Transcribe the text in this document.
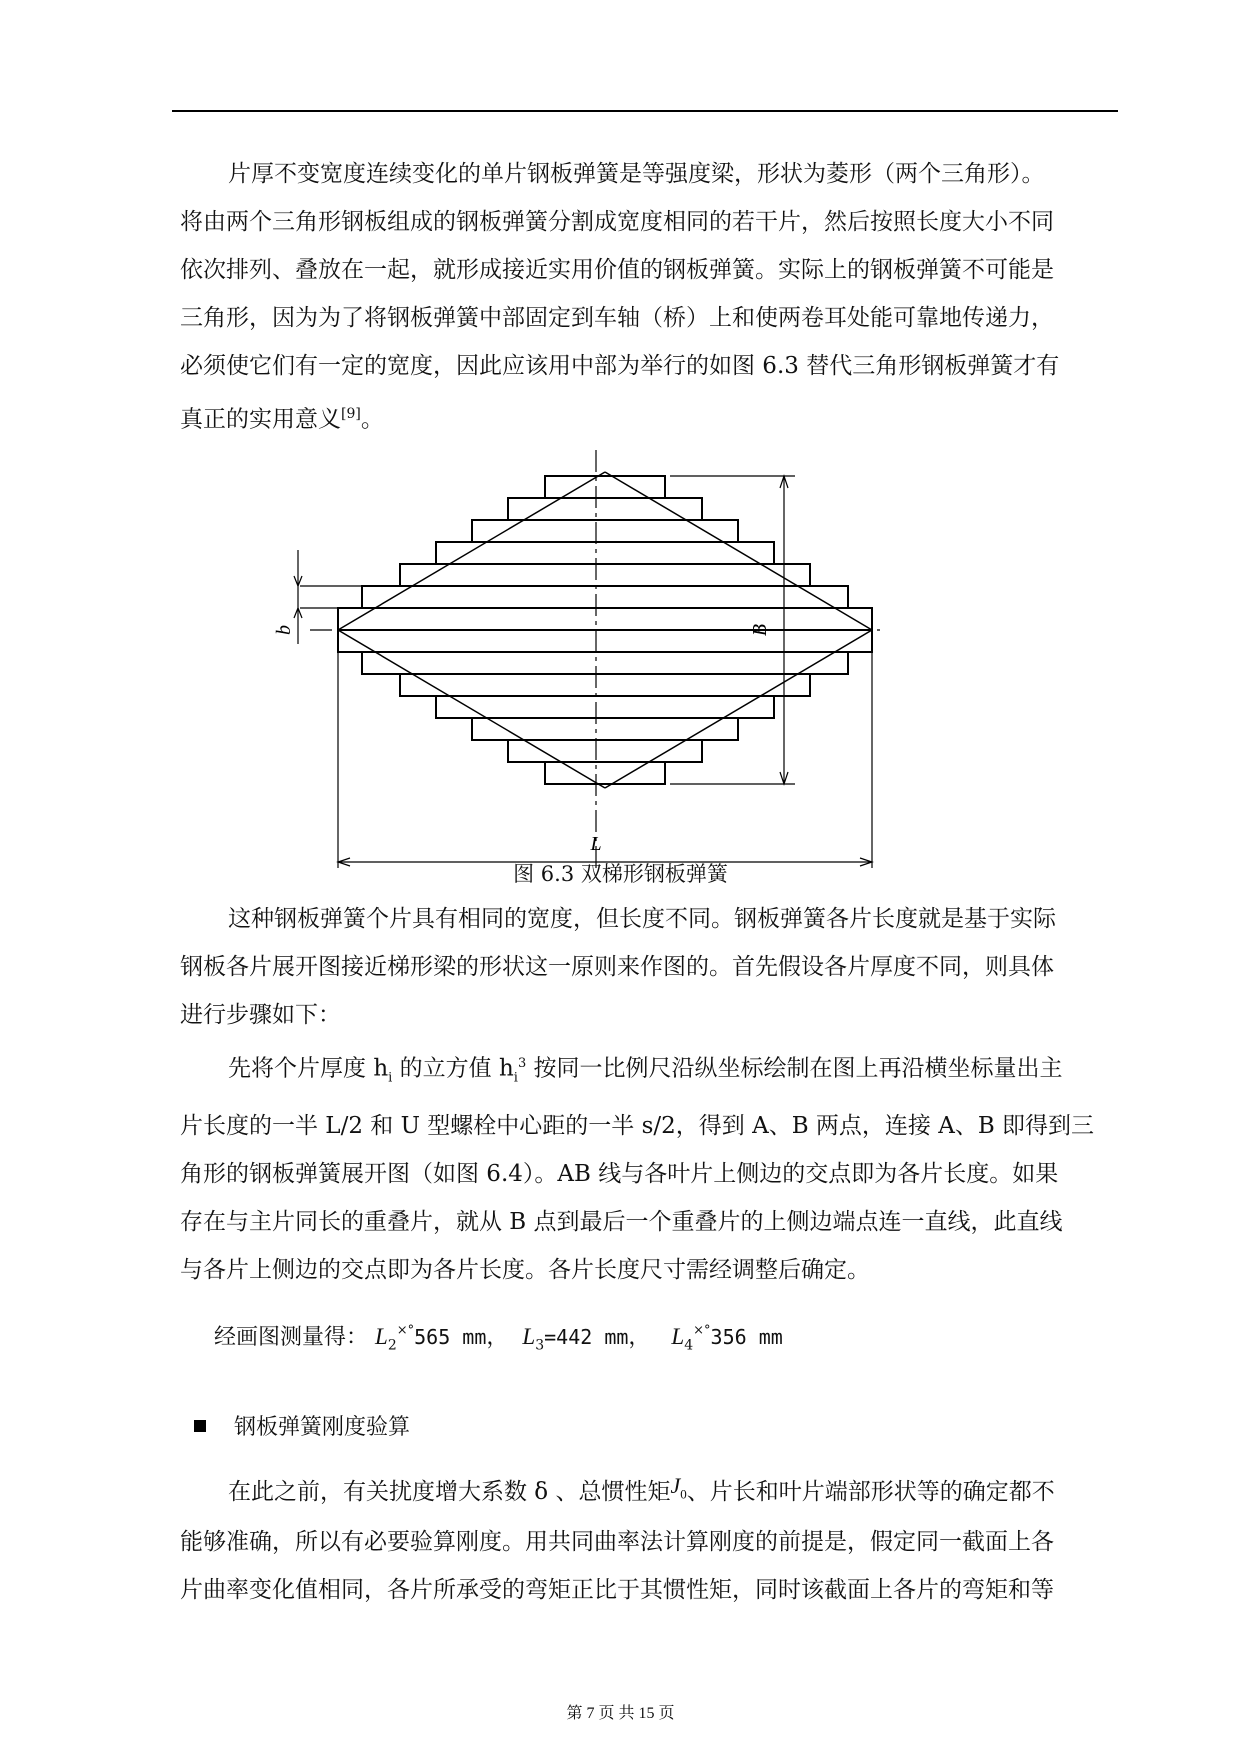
片厚不变宽度连续变化的单片钢板弹簧是等强度梁，形状为菱形（两个三角形）。
将由两个三角形钢板组成的钢板弹簧分割成宽度相同的若干片，然后按照长度大小不同
依次排列、叠放在一起，就形成接近实用价值的钢板弹簧。实际上的钢板弹簧不可能是
三角形，因为为了将钢板弹簧中部固定到车轴（桥）上和使两卷耳处能可靠地传递力，
必须使它们有一定的宽度，因此应该用中部为举行的如图 6.3 替代三角形钢板弹簧才有
真正的实用意义[9]。

b	B
L
图 6.3 双梯形钢板弹簧

这种钢板弹簧个片具有相同的宽度，但长度不同。钢板弹簧各片长度就是基于实际
钢板各片展开图接近梯形梁的形状这一原则来作图的。首先假设各片厚度不同，则具体
进行步骤如下：

先将个片厚度 $h_i$ 的立方值 $h_i^3$ 按同一比例尺沿纵坐标绘制在图上再沿横坐标量出主
片长度的一半 L/2 和 U 型螺栓中心距的一半 s/2，得到 A、B 两点，连接 A、B 即得到三
角形的钢板弹簧展开图（如图 6.4）。AB 线与各叶片上侧边的交点即为各片长度。如果
存在与主片同长的重叠片，就从 B 点到最后一个重叠片的上侧边端点连一直线，此直线
与各片上侧边的交点即为各片长度。各片长度尺寸需经调整后确定。

经画图测量得： $L_2^{\times^\circ}565$ mm， $L_3=442$ mm， $L_4^{\times^\circ}356$ mm
钢板弹簧刚度验算

在此之前，有关扰度增大系数 δ 、总惯性矩$J_0$、片长和叶片端部形状等的确定都不
能够准确，所以有必要验算刚度。用共同曲率法计算刚度的前提是，假定同一截面上各
片曲率变化值相同，各片所承受的弯矩正比于其惯性矩，同时该截面上各片的弯矩和等

第 7 页 共 15 页
